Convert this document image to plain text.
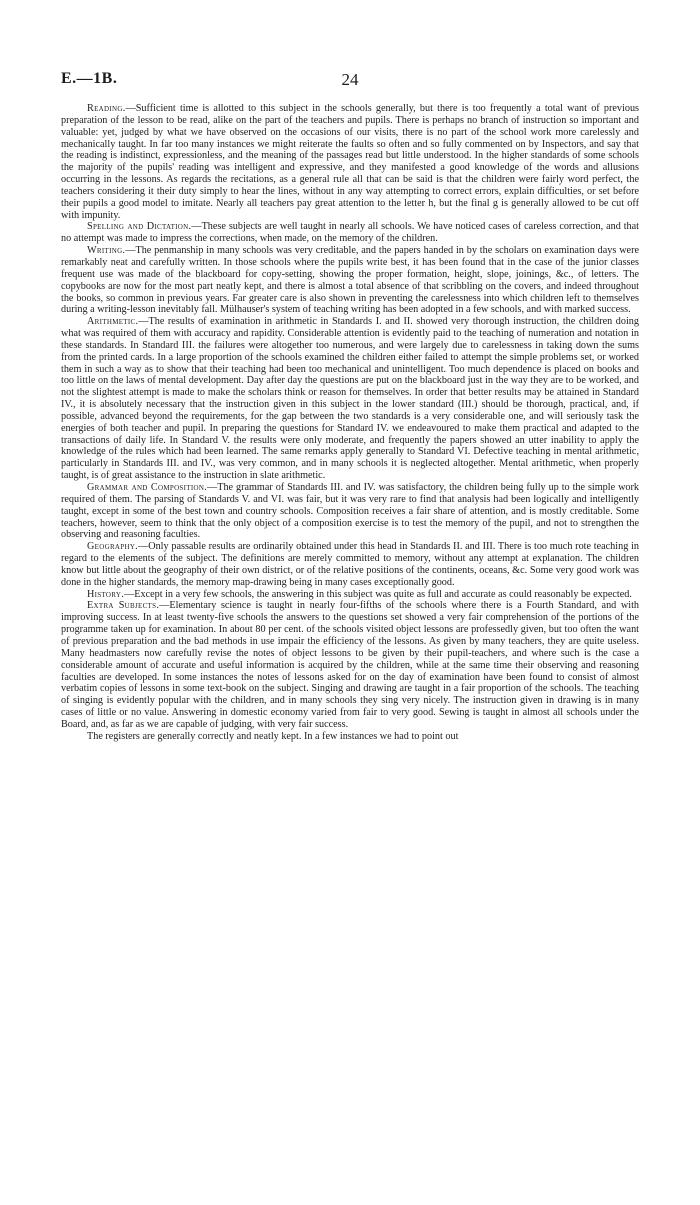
E.—1B.	24

Reading.—Sufficient time is allotted to this subject in the schools generally, but there is too frequently a total want of previous preparation of the lesson to be read, alike on the part of the teachers and pupils. There is perhaps no branch of instruction so important and valuable: yet, judged by what we have observed on the occasions of our visits, there is no part of the school work more carelessly and mechanically taught. In far too many instances we might reiterate the faults so often and so fully commented on by Inspectors, and say that the reading is indistinct, expressionless, and the meaning of the passages read but little understood. In the higher standards of some schools the majority of the pupils' reading was intelligent and expressive, and they manifested a good knowledge of the words and allusions occurring in the lessons. As regards the recitations, as a general rule all that can be said is that the children were fairly word perfect, the teachers considering it their duty simply to hear the lines, without in any way attempting to correct errors, explain difficulties, or set before their pupils a good model to imitate. Nearly all teachers pay great attention to the letter h, but the final g is generally allowed to be cut off with impunity.

Spelling and Dictation.—These subjects are well taught in nearly all schools. We have noticed cases of careless correction, and that no attempt was made to impress the corrections, when made, on the memory of the children.

Writing.—The penmanship in many schools was very creditable, and the papers handed in by the scholars on examination days were remarkably neat and carefully written. In those schools where the pupils write best, it has been found that in the case of the junior classes frequent use was made of the blackboard for copy-setting, showing the proper formation, height, slope, joinings, &c., of letters. The copybooks are now for the most part neatly kept, and there is almost a total absence of that scribbling on the covers, and indeed throughout the books, so common in previous years. Far greater care is also shown in preventing the carelessness into which children left to themselves during a writing-lesson inevitably fall. Mülhauser's system of teaching writing has been adopted in a few schools, and with marked success.

Arithmetic.—The results of examination in arithmetic in Standards I. and II. showed very thorough instruction, the children doing what was required of them with accuracy and rapidity. Considerable attention is evidently paid to the teaching of numeration and notation in these standards. In Standard III. the failures were altogether too numerous, and were largely due to carelessness in taking down the sums from the printed cards. In a large proportion of the schools examined the children either failed to attempt the simple problems set, or worked them in such a way as to show that their teaching had been too mechanical and unintelligent. Too much dependence is placed on books and too little on the laws of mental development. Day after day the questions are put on the blackboard just in the way they are to be worked, and not the slightest attempt is made to make the scholars think or reason for themselves. In order that better results may be attained in Standard IV., it is absolutely necessary that the instruction given in this subject in the lower standard (III.) should be thorough, practical, and, if possible, advanced beyond the requirements, for the gap between the two standards is a very considerable one, and will seriously task the energies of both teacher and pupil. In preparing the questions for Standard IV. we endeavoured to make them practical and adapted to the transactions of daily life. In Standard V. the results were only moderate, and frequently the papers showed an utter inability to apply the knowledge of the rules which had been learned. The same remarks apply generally to Standard VI. Defective teaching in mental arithmetic, particularly in Standards III. and IV., was very common, and in many schools it is neglected altogether. Mental arithmetic, when properly taught, is of great assistance to the instruction in slate arithmetic.

Grammar and Composition.—The grammar of Standards III. and IV. was satisfactory, the children being fully up to the simple work required of them. The parsing of Standards V. and VI. was fair, but it was very rare to find that analysis had been logically and intelligently taught, except in some of the best town and country schools. Composition receives a fair share of attention, and is mostly creditable. Some teachers, however, seem to think that the only object of a composition exercise is to test the memory of the pupil, and not to strengthen the observing and reasoning faculties.

Geography.—Only passable results are ordinarily obtained under this head in Standards II. and III. There is too much rote teaching in regard to the elements of the subject. The definitions are merely committed to memory, without any attempt at explanation. The children know but little about the geography of their own district, or of the relative positions of the continents, oceans, &c. Some very good work was done in the higher standards, the memory map-drawing being in many cases exceptionally good.

History.—Except in a very few schools, the answering in this subject was quite as full and accurate as could reasonably be expected.

Extra Subjects.—Elementary science is taught in nearly four-fifths of the schools where there is a Fourth Standard, and with improving success. In at least twenty-five schools the answers to the questions set showed a very fair comprehension of the portions of the programme taken up for examination. In about 80 per cent. of the schools visited object lessons are professedly given, but too often the want of previous preparation and the bad methods in use impair the efficiency of the lessons. As given by many teachers, they are quite useless. Many headmasters now carefully revise the notes of object lessons to be given by their pupil-teachers, and where such is the case a considerable amount of accurate and useful information is acquired by the children, while at the same time their observing and reasoning faculties are developed. In some instances the notes of lessons asked for on the day of examination have been found to consist of almost verbatim copies of lessons in some text-book on the subject. Singing and drawing are taught in a fair proportion of the schools. The teaching of singing is evidently popular with the children, and in many schools they sing very nicely. The instruction given in drawing is in many cases of little or no value. Answering in domestic economy varied from fair to very good. Sewing is taught in almost all schools under the Board, and, as far as we are capable of judging, with very fair success.

The registers are generally correctly and neatly kept. In a few instances we had to point out
